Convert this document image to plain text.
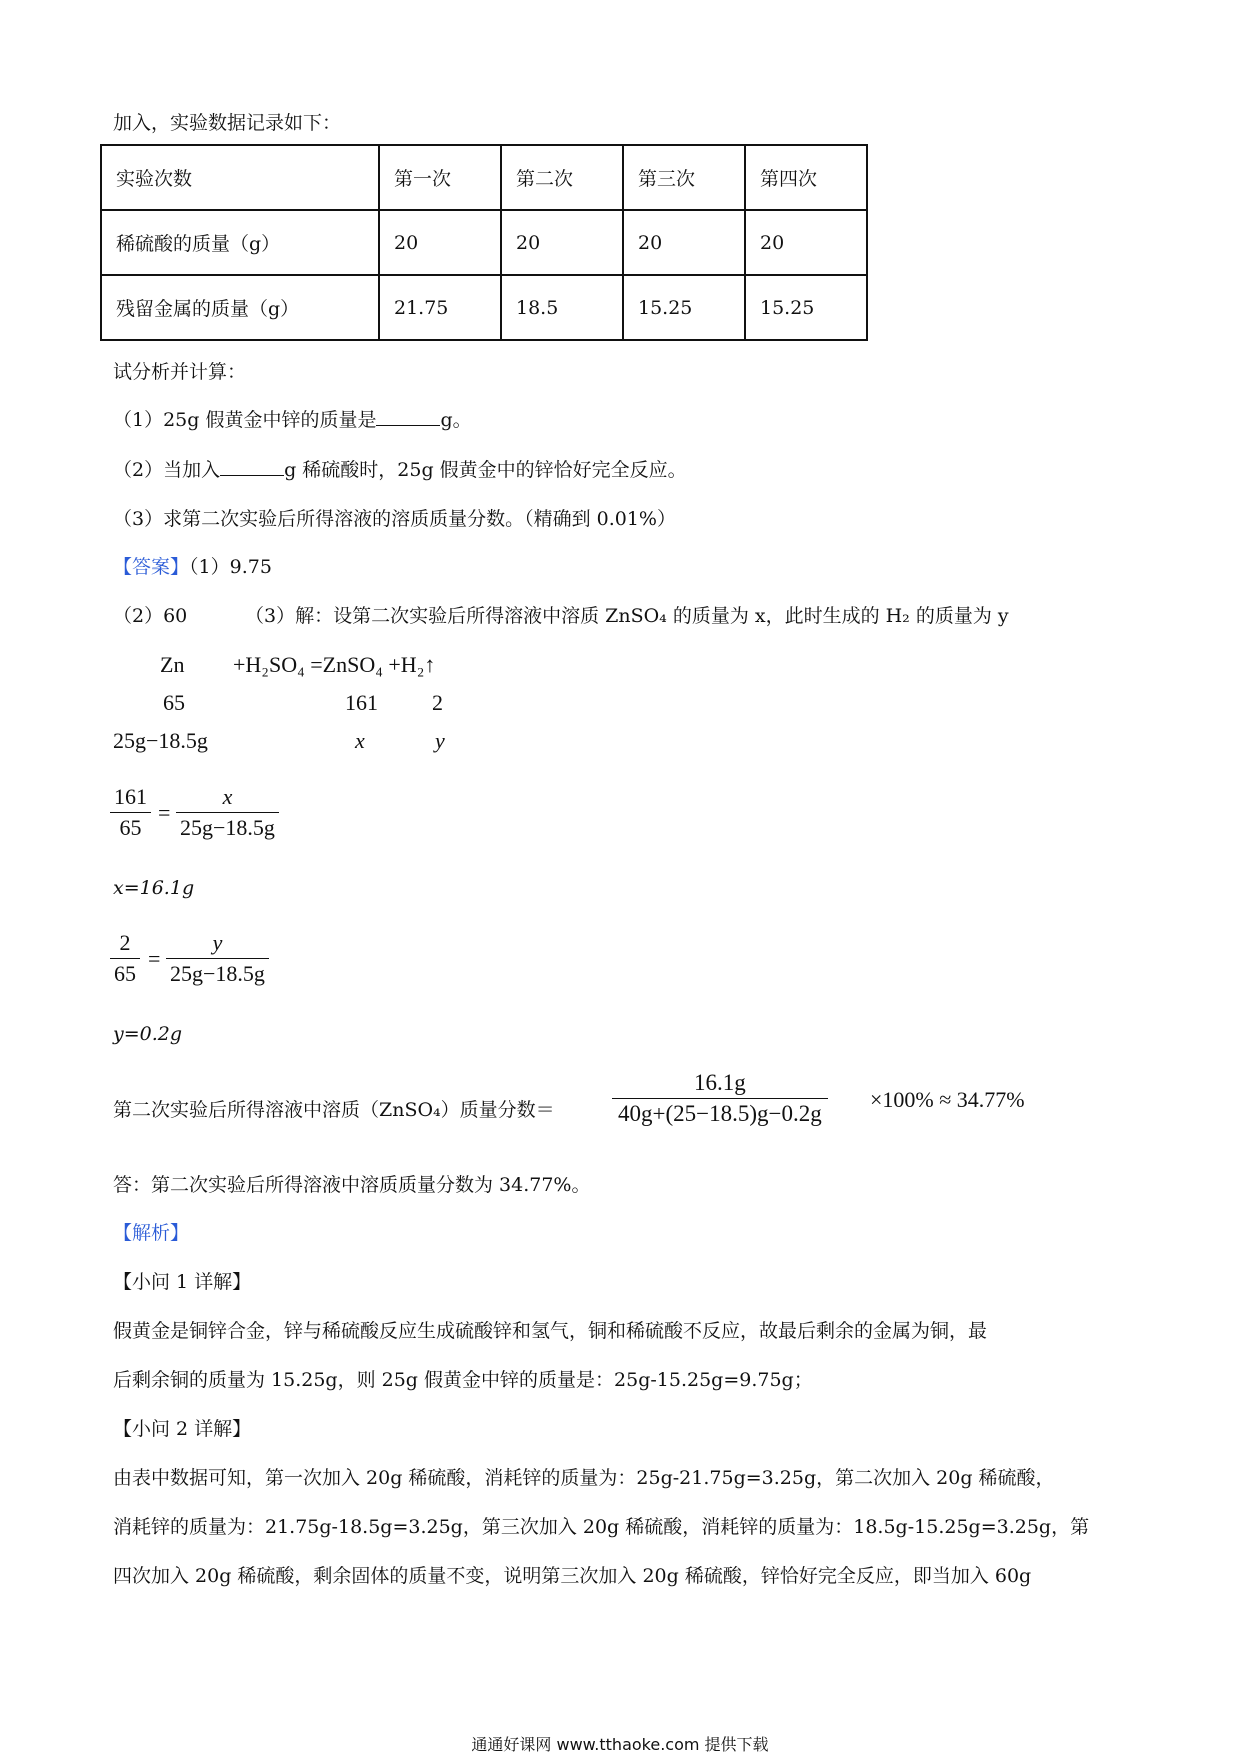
加入，实验数据记录如下：
实验次数	第一次	第二次	第三次	第四次
稀硫酸的质量（g）	20	20	20	20
残留金属的质量（g）	21.75	18.5	15.25	15.25
试分析并计算：
（1）25g 假黄金中锌的质量是	g。
（2）当加入	g 稀硫酸时，25g 假黄金中的锌恰好完全反应。
（3）求第二次实验后所得溶液的溶质质量分数。（精确到 0.01%）
【答案】（1）9.75
（2）60	（3）解：设第二次实验后所得溶液中溶质 ZnSO₄ 的质量为 x，此时生成的 H₂ 的质量为 y
Zn +H₂SO₄ =ZnSO₄ +H₂↑
65	161 2
25g−18.5g	x	y
$\frac{161}{65} = \frac{x}{25g-18.5g}$
x=16.1g
$\frac{2}{65} = \frac{y}{25g-18.5g}$
y=0.2g
第二次实验后所得溶液中溶质（ZnSO₄）质量分数＝ $\frac{16.1g}{40g+(25-18.5)g-0.2g} \times 100\% \approx 34.77\%$
答：第二次实验后所得溶液中溶质质量分数为 34.77%。
【解析】
【小问 1 详解】
假黄金是铜锌合金，锌与稀硫酸反应生成硫酸锌和氢气，铜和稀硫酸不反应，故最后剩余的金属为铜，最
后剩余铜的质量为 15.25g，则 25g 假黄金中锌的质量是：25g-15.25g=9.75g；
【小问 2 详解】
由表中数据可知，第一次加入 20g 稀硫酸，消耗锌的质量为：25g-21.75g=3.25g，第二次加入 20g 稀硫酸，
消耗锌的质量为：21.75g-18.5g=3.25g，第三次加入 20g 稀硫酸，消耗锌的质量为：18.5g-15.25g=3.25g，第
四次加入 20g 稀硫酸，剩余固体的质量不变，说明第三次加入 20g 稀硫酸，锌恰好完全反应，即当加入 60g
通通好课网 www.tthaoke.com 提供下载
